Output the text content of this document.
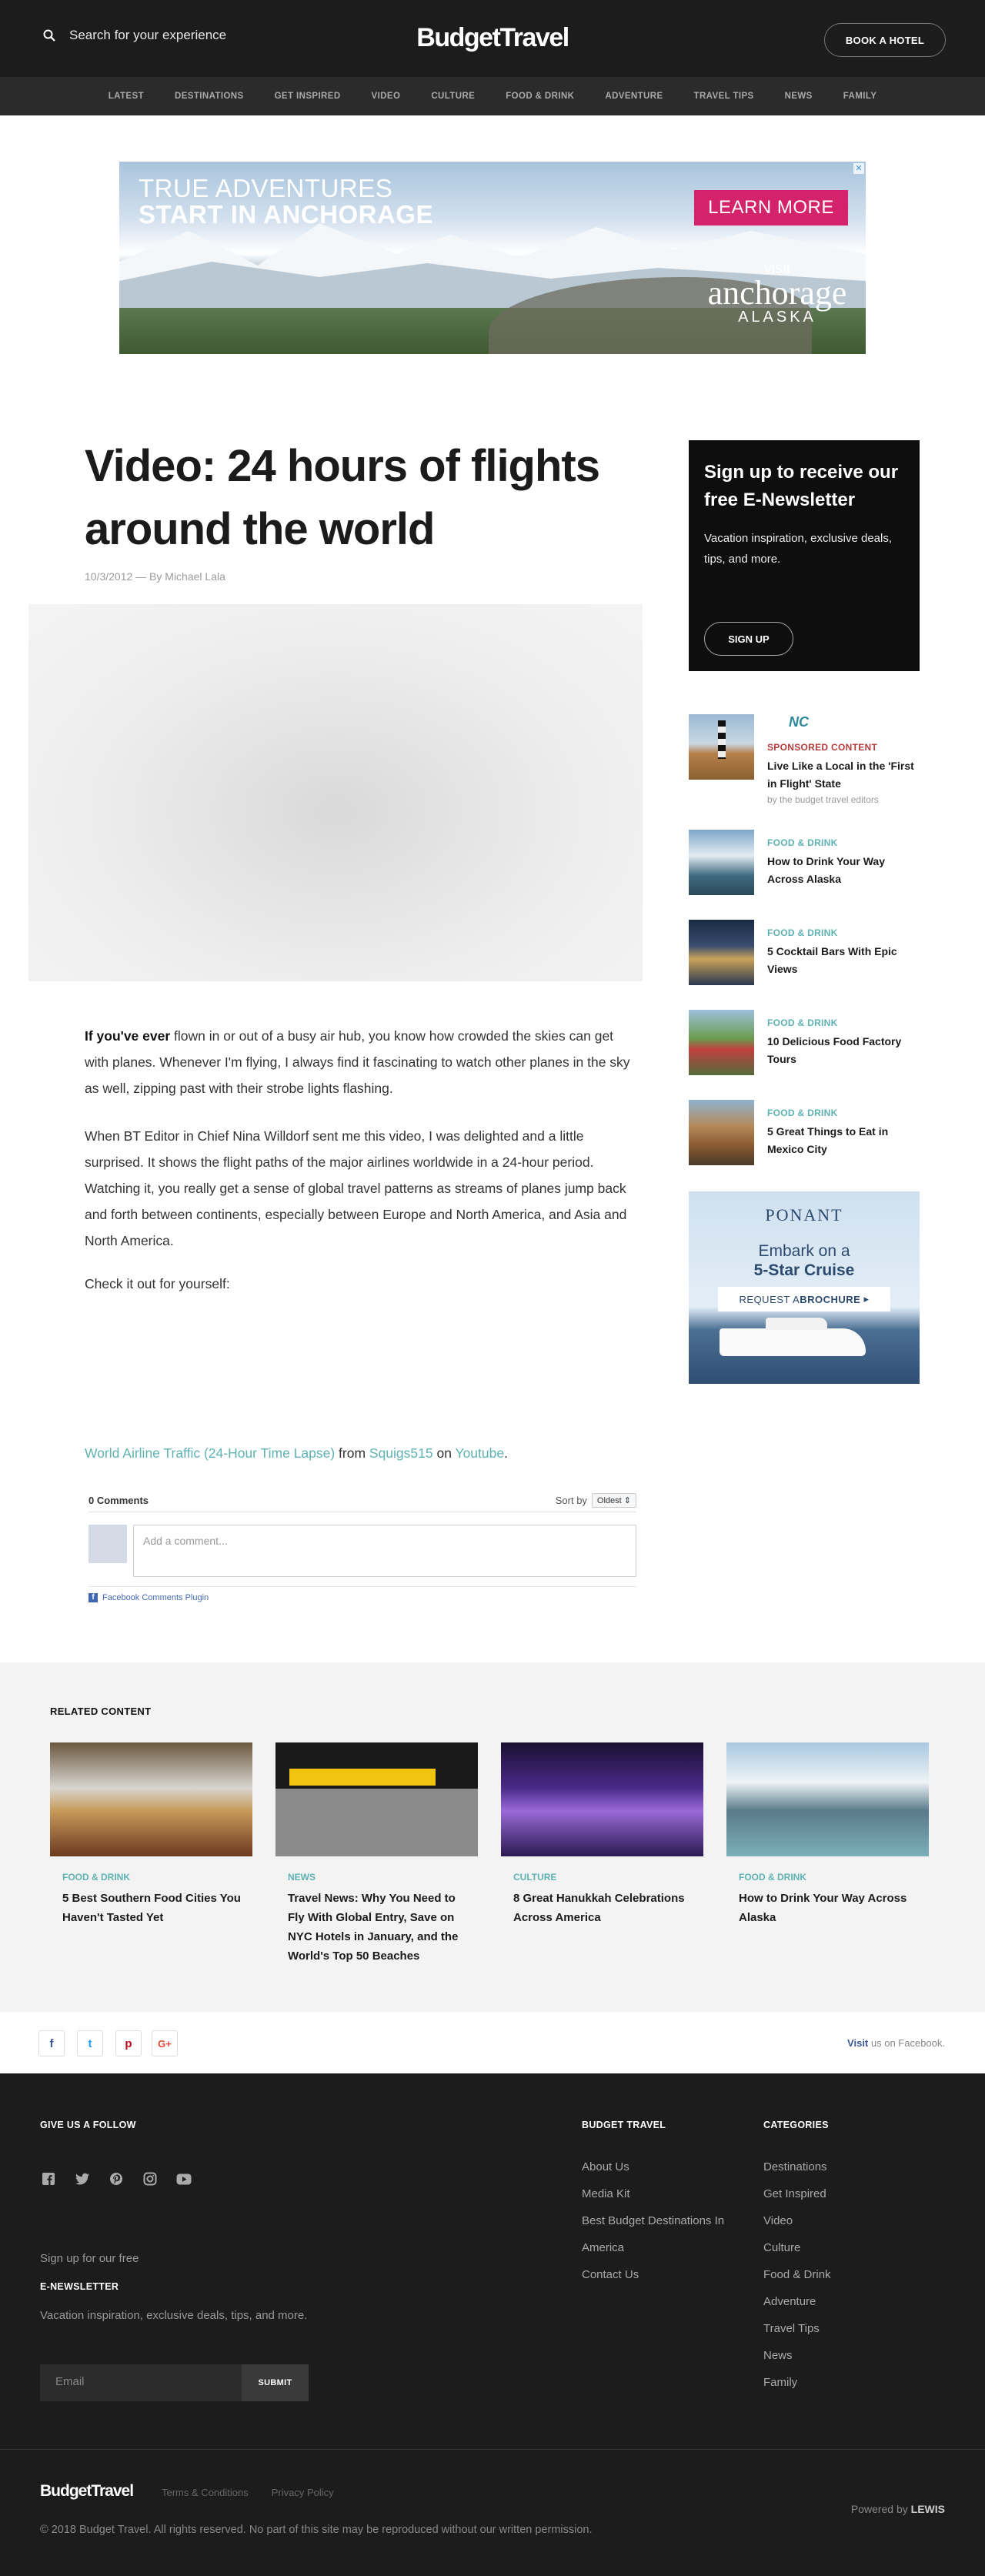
Search for your experience	BudgetTravel	BOOK A HOTEL
LATEST	DESTINATIONS	GET INSPIRED	VIDEO	CULTURE	FOOD & DRINK	ADVENTURE	TRAVEL TIPS	NEWS	FAMILY
TRUE ADVENTURES
START IN ANCHORAGE	LEARN MORE
visit
anchorage
ALASKA
✕
Video: 24 hours of flights around the world
10/3/2012 — By Michael Lala

If you've ever flown in or out of a busy air hub, you know how crowded the skies can get with planes. Whenever I'm flying, I always find it fascinating to watch other planes in the sky as well, zipping past with their strobe lights flashing.

When BT Editor in Chief Nina Willdorf sent me this video, I was delighted and a little surprised. It shows the flight paths of the major airlines worldwide in a 24-hour period. Watching it, you really get a sense of global travel patterns as streams of planes jump back and forth between continents, especially between Europe and North America, and Asia and North America.

Check it out for yourself:

World Airline Traffic (24-Hour Time Lapse) from Squigs515 on Youtube.

0 Comments	Sort by	Oldest ⇕
Add a comment...
f Facebook Comments Plugin
Sign up to receive our free E-Newsletter
Vacation inspiration, exclusive deals, tips, and more.
SIGN UP
NC
SPONSORED CONTENT
Live Like a Local in the 'First in Flight' State
by the budget travel editors
FOOD & DRINK
How to Drink Your Way Across Alaska
FOOD & DRINK
5 Cocktail Bars With Epic Views
FOOD & DRINK
10 Delicious Food Factory Tours
FOOD & DRINK
5 Great Things to Eat in Mexico City
PONANT
Embark on a
5-Star Cruise
REQUEST A BROCHURE
▸
RELATED CONTENT
FOOD & DRINK
5 Best Southern Food Cities You Haven't Tasted Yet
NEWS
Travel News: Why You Need to Fly With Global Entry, Save on NYC Hotels in January, and the World's Top 50 Beaches
CULTURE
8 Great Hanukkah Celebrations Across America
FOOD & DRINK
How to Drink Your Way Across Alaska
f	t	p	G+	Visit us on Facebook.
GIVE US A FOLLOW
Sign up for our free
E-NEWSLETTER
Vacation inspiration, exclusive deals, tips, and more.
Email	SUBMIT
BUDGET TRAVEL
About Us
Media Kit
Best Budget Destinations In America
Contact Us
CATEGORIES
Destinations
Get Inspired
Video
Culture
Food & Drink
Adventure
Travel Tips
News
Family
BudgetTravel	Terms & Conditions Privacy Policy
Powered by LEWIS
© 2018 Budget Travel. All rights reserved. No part of this site may be reproduced without our written permission.
